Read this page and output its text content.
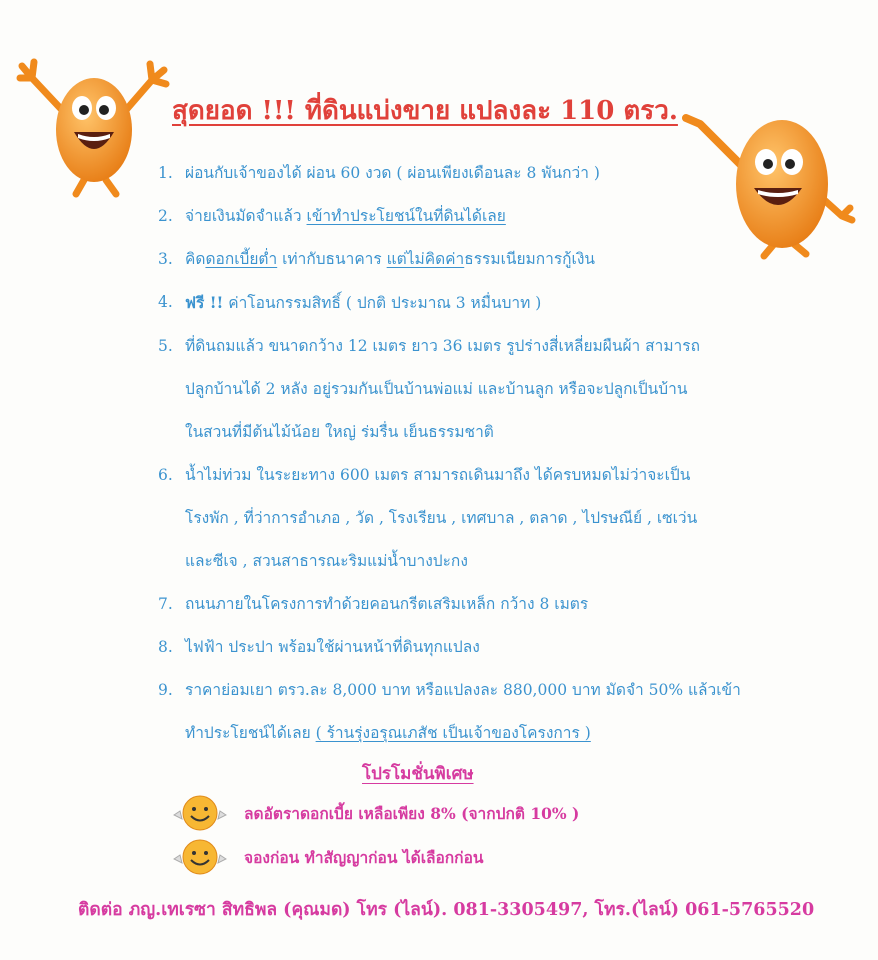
สุดยอด !!! ที่ดินแบ่งขาย แปลงละ 110 ตรว.
1. ผ่อนกับเจ้าของได้ ผ่อน 60 งวด ( ผ่อนเพียงเดือนละ 8 พันกว่า )
2. จ่ายเงินมัดจำแล้ว เข้าทำประโยชน์ในที่ดินได้เลย
3. คิดดอกเบี้ยต่ำ เท่ากับธนาคาร แต่ไม่คิดค่าธรรมเนียมการกู้เงิน
4. ฟรี !! ค่าโอนกรรมสิทธิ์ ( ปกติ ประมาณ 3 หมื่นบาท )
5. ที่ดินถมแล้ว ขนาดกว้าง 12 เมตร ยาว 36 เมตร รูปร่างสี่เหลี่ยมผืนผ้า สามารถ
ปลูกบ้านได้ 2 หลัง อยู่รวมกันเป็นบ้านพ่อแม่ และบ้านลูก หรือจะปลูกเป็นบ้าน
ในสวนที่มีต้นไม้น้อย ใหญ่ ร่มรื่น เย็นธรรมชาติ
6. น้ำไม่ท่วม ในระยะทาง 600 เมตร สามารถเดินมาถึง ได้ครบหมดไม่ว่าจะเป็น
โรงพัก , ที่ว่าการอำเภอ , วัด , โรงเรียน , เทศบาล , ตลาด , ไปรษณีย์ , เซเว่น
และซีเจ , สวนสาธารณะริมแม่น้ำบางปะกง
7. ถนนภายในโครงการทำด้วยคอนกรีตเสริมเหล็ก กว้าง 8 เมตร
8. ไฟฟ้า ประปา พร้อมใช้ผ่านหน้าที่ดินทุกแปลง
9. ราคาย่อมเยา ตรว.ละ 8,000 บาท หรือแปลงละ 880,000 บาท มัดจำ 50% แล้วเข้า
ทำประโยชน์ได้เลย ( ร้านรุ่งอรุณเภสัช เป็นเจ้าของโครงการ )
โปรโมชั่นพิเศษ
ลดอัตราดอกเบี้ย เหลือเพียง 8% (จากปกติ 10% )
จองก่อน ทำสัญญาก่อน ได้เลือกก่อน
ติดต่อ ภญ.เทเรซา สิทธิพล (คุณมด) โทร (ไลน์). 081-3305497, โทร.(ไลน์) 061-5765520
